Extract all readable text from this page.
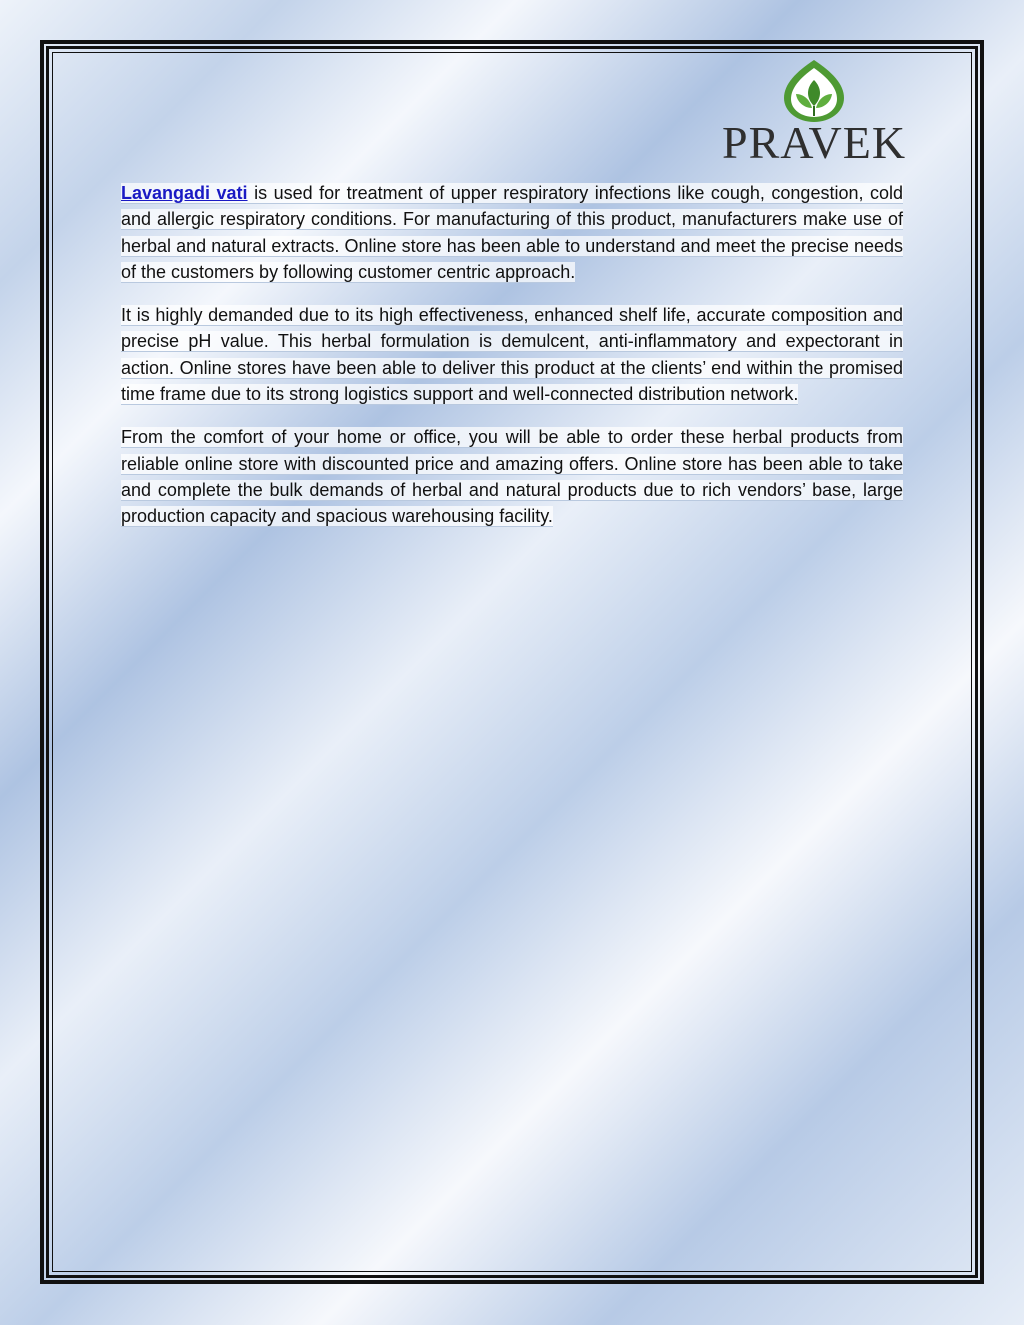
PRAVEK

Lavangadi vati is used for treatment of upper respiratory infections like cough, congestion, cold and allergic respiratory conditions. For manufacturing of this product, manufacturers make use of herbal and natural extracts. Online store has been able to understand and meet the precise needs of the customers by following customer centric approach.

It is highly demanded due to its high effectiveness, enhanced shelf life, accurate composition and precise pH value. This herbal formulation is demulcent, anti-inflammatory and expectorant in action. Online stores have been able to deliver this product at the clients’ end within the promised time frame due to its strong logistics support and well-connected distribution network.

From the comfort of your home or office, you will be able to order these herbal products from reliable online store with discounted price and amazing offers. Online store has been able to take and complete the bulk demands of herbal and natural products due to rich vendors’ base, large production capacity and spacious warehousing facility.
